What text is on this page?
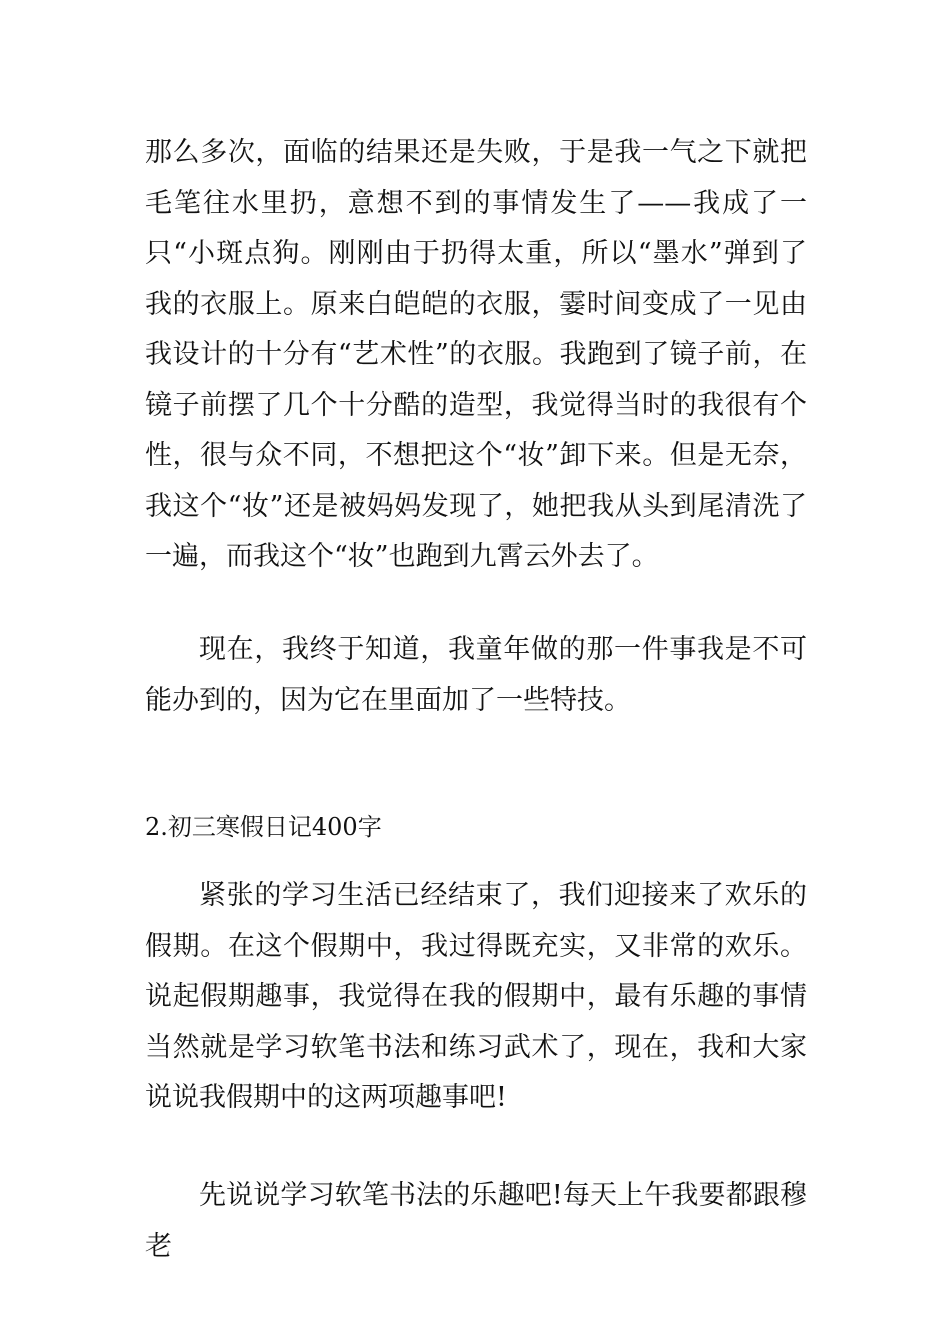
那么多次，面临的结果还是失败，于是我一气之下就把毛笔往水里扔，意想不到的事情发生了——我成了一只“小斑点狗。刚刚由于扔得太重，所以“墨水”弹到了我的衣服上。原来白皑皑的衣服，霎时间变成了一见由我设计的十分有“艺术性”的衣服。我跑到了镜子前，在镜子前摆了几个十分酷的造型，我觉得当时的我很有个性，很与众不同，不想把这个“妆”卸下来。但是无奈，我这个“妆”还是被妈妈发现了，她把我从头到尾清洗了一遍，而我这个“妆”也跑到九霄云外去了。

现在，我终于知道，我童年做的那一件事我是不可能办到的，因为它在里面加了一些特技。

2.初三寒假日记400字

紧张的学习生活已经结束了，我们迎接来了欢乐的假期。在这个假期中，我过得既充实，又非常的欢乐。说起假期趣事，我觉得在我的假期中，最有乐趣的事情当然就是学习软笔书法和练习武术了，现在，我和大家说说我假期中的这两项趣事吧!

先说说学习软笔书法的乐趣吧!每天上午我要都跟穆老
